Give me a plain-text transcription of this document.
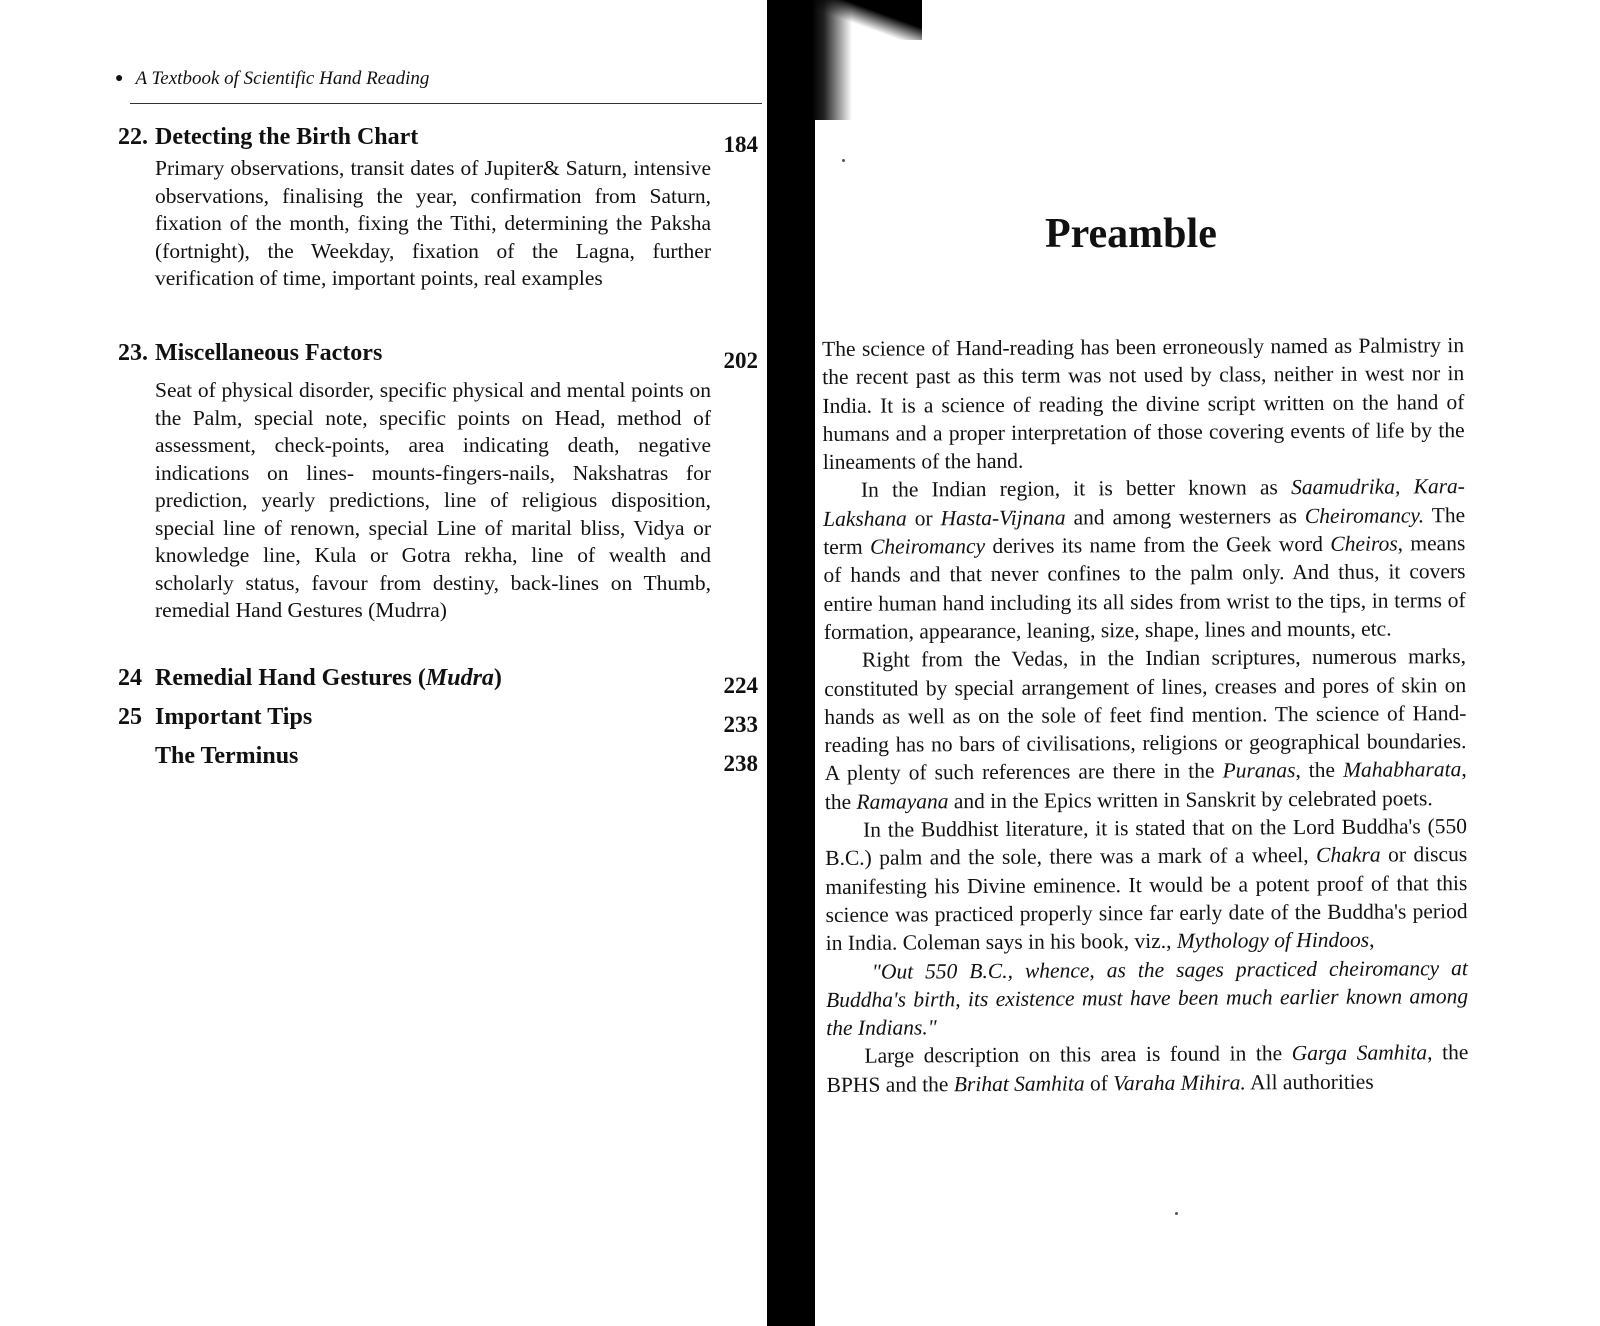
● A Textbook of Scientific Hand Reading
22. Detecting the Birth Chart	184
Primary observations, transit dates of Jupiter& Saturn, intensive observations, finalising the year, confirmation from Saturn, fixation of the month, fixing the Tithi, determining the Paksha (fortnight), the Weekday, fixation of the Lagna, further verification of time, important points, real examples
23. Miscellaneous Factors	202
Seat of physical disorder, specific physical and mental points on the Palm, special note, specific points on Head, method of assessment, check-points, area indicating death, negative indications on lines- mounts-fingers-nails, Nakshatras for prediction, yearly predictions, line of religious disposition, special line of renown, special Line of marital bliss, Vidya or knowledge line, Kula or Gotra rekha, line of wealth and scholarly status, favour from destiny, back-lines on Thumb, remedial Hand Gestures (Mudrra)
24 Remedial Hand Gestures (Mudra)	224
25 Important Tips	233
The Terminus	238
Preamble

The science of Hand-reading has been erroneously named as Palmistry in the recent past as this term was not used by class, neither in west nor in India. It is a science of reading the divine script written on the hand of humans and a proper interpretation of those covering events of life by the lineaments of the hand.

In the Indian region, it is better known as Saamudrika, Kara-Lakshana or Hasta-Vijnana and among westerners as Cheiromancy. The term Cheiromancy derives its name from the Geek word Cheiros, means of hands and that never confines to the palm only. And thus, it covers entire human hand including its all sides from wrist to the tips, in terms of formation, appearance, leaning, size, shape, lines and mounts, etc.

Right from the Vedas, in the Indian scriptures, numerous marks, constituted by special arrangement of lines, creases and pores of skin on hands as well as on the sole of feet find mention. The science of Hand-reading has no bars of civilisations, religions or geographical boundaries. A plenty of such references are there in the Puranas, the Mahabharata, the Ramayana and in the Epics written in Sanskrit by celebrated poets.

In the Buddhist literature, it is stated that on the Lord Buddha's (550 B.C.) palm and the sole, there was a mark of a wheel, Chakra or discus manifesting his Divine eminence. It would be a potent proof of that this science was practiced properly since far early date of the Buddha's period in India. Coleman says in his book, viz., Mythology of Hindoos,

"Out 550 B.C., whence, as the sages practiced cheiromancy at Buddha's birth, its existence must have been much earlier known among the Indians."

Large description on this area is found in the Garga Samhita, the BPHS and the Brihat Samhita of Varaha Mihira. All authorities
